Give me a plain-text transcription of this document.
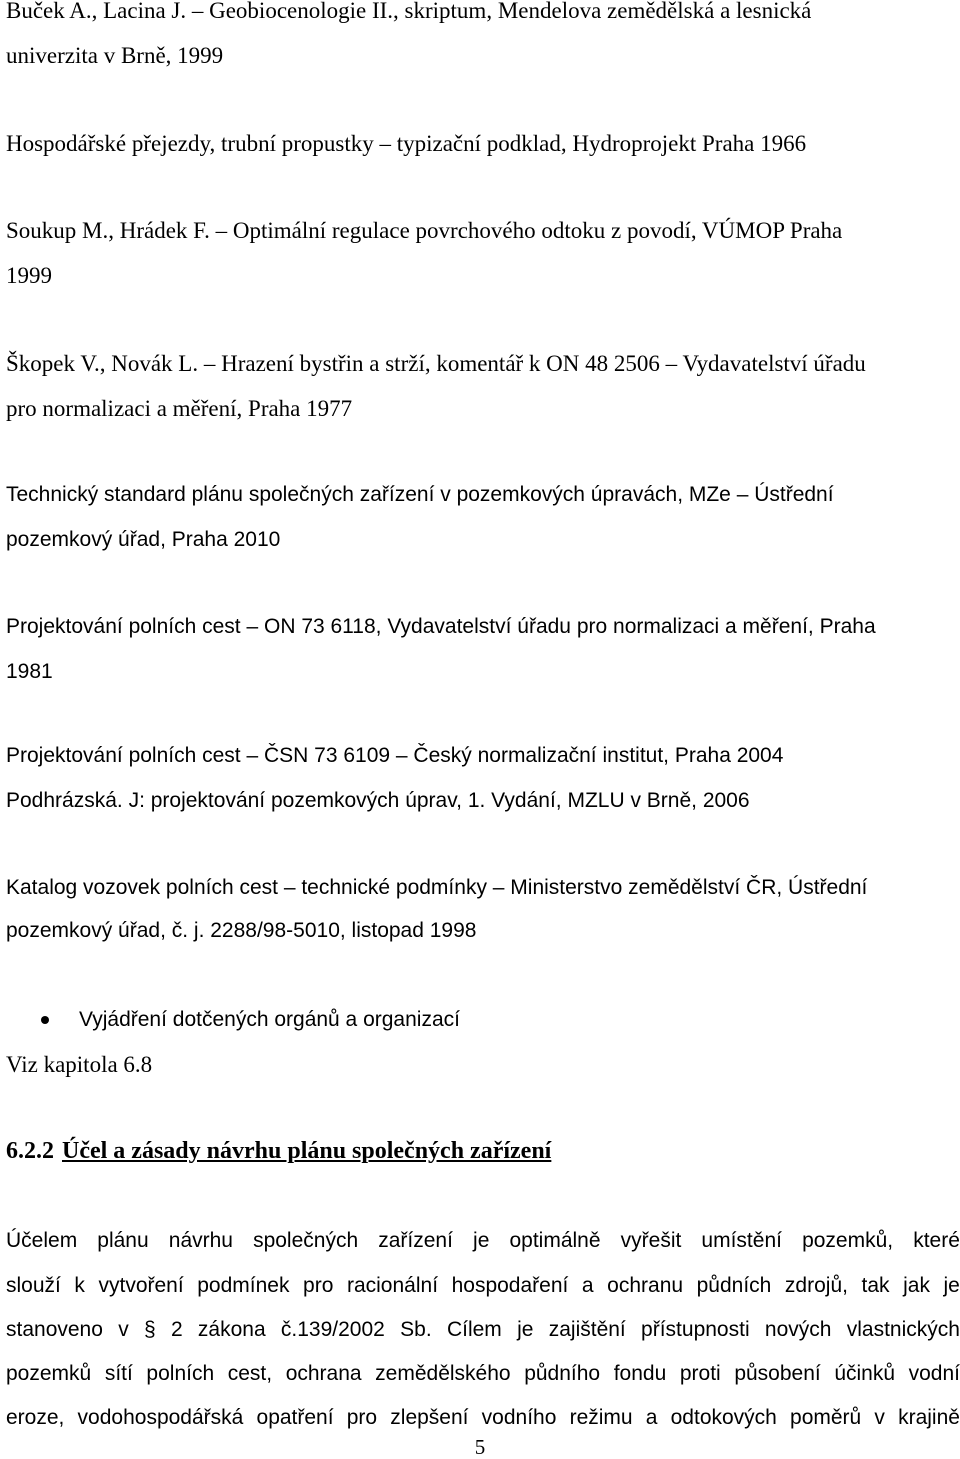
Buček A., Lacina J. – Geobiocenologie II., skriptum, Mendelova zemědělská a lesnická
univerzita v Brně, 1999
Hospodářské přejezdy, trubní propustky – typizační podklad, Hydroprojekt Praha 1966
Soukup M., Hrádek F. – Optimální regulace povrchového odtoku z povodí, VÚMOP Praha
1999
Škopek V., Novák L. – Hrazení bystřin a strží, komentář k ON 48 2506 – Vydavatelství úřadu
pro normalizaci a měření, Praha 1977
Technický standard plánu společných zařízení v pozemkových úpravách, MZe – Ústřední
pozemkový úřad, Praha 2010
Projektování polních cest – ON 73 6118, Vydavatelství úřadu pro normalizaci a měření, Praha
1981
Projektování polních cest – ČSN 73 6109 – Český normalizační institut, Praha 2004
Podhrázská. J: projektování pozemkových úprav, 1. Vydání, MZLU v Brně, 2006
Katalog vozovek polních cest – technické podmínky – Ministerstvo zemědělství ČR, Ústřední
pozemkový úřad, č. j. 2288/98-5010, listopad 1998
Vyjádření dotčených orgánů a organizací
Viz kapitola 6.8
6.2.2 Účel a zásady návrhu plánu společných zařízení
Účelem plánu návrhu společných zařízení je optimálně vyřešit umístění pozemků, které
slouží k vytvoření podmínek pro racionální hospodaření a ochranu půdních zdrojů, tak jak je
stanoveno v § 2 zákona č.139/2002 Sb. Cílem je zajištění přístupnosti nových vlastnických
pozemků sítí polních cest, ochrana zemědělského půdního fondu proti působení účinků vodní
eroze, vodohospodářská opatření pro zlepšení vodního režimu a odtokových poměrů v krajině
5
